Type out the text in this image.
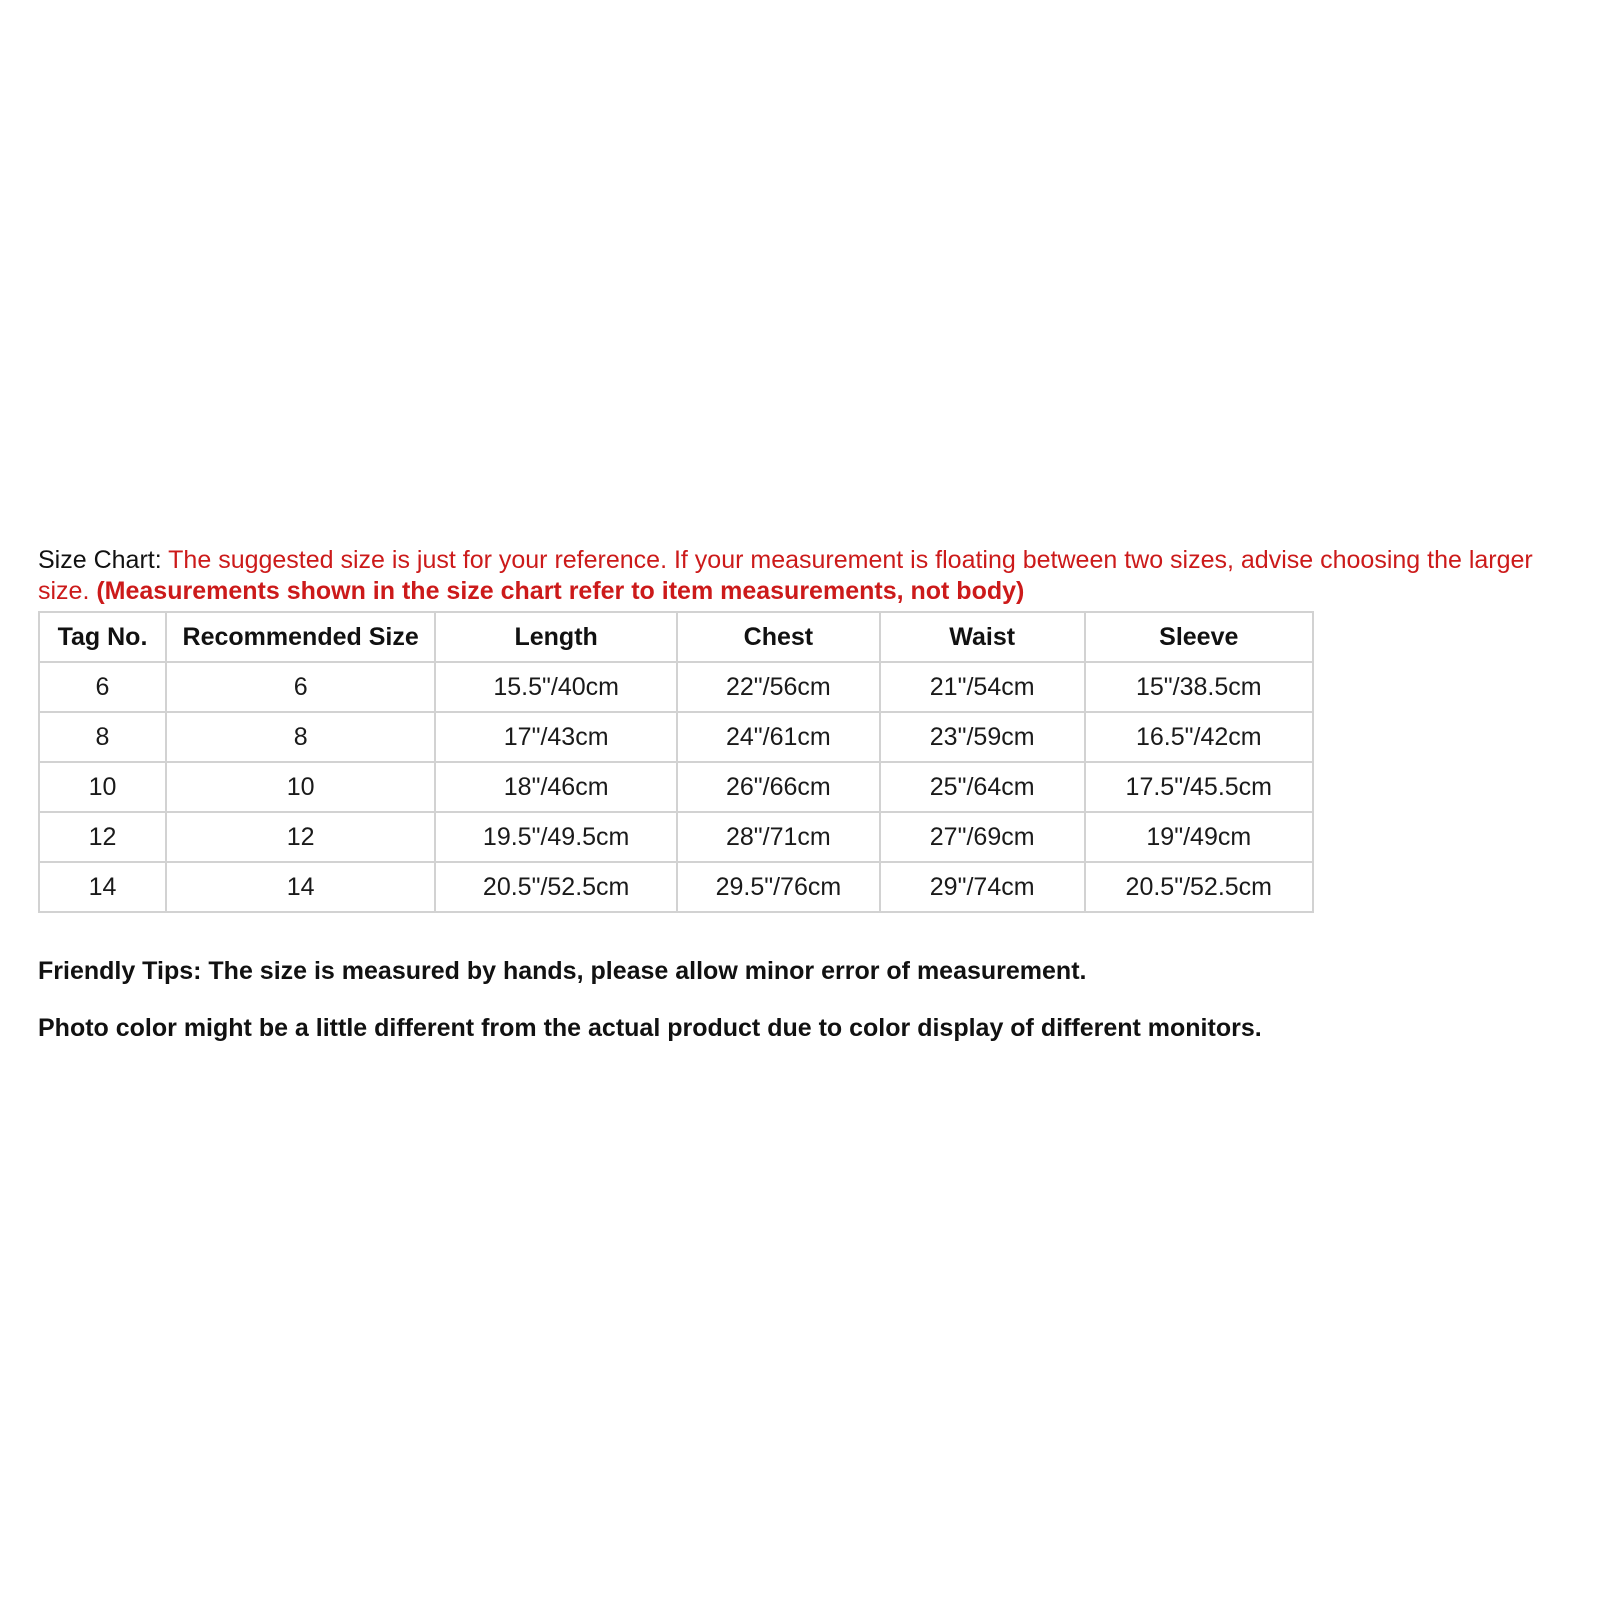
Size Chart: The suggested size is just for your reference. If your measurement is floating between two sizes, advise choosing the larger size. (Measurements shown in the size chart refer to item measurements, not body)

Tag No.	Recommended Size	Length	Chest	Waist	Sleeve
6	6	15.5"/40cm	22"/56cm	21"/54cm	15"/38.5cm
8	8	17"/43cm	24"/61cm	23"/59cm	16.5"/42cm
10	10	18"/46cm	26"/66cm	25"/64cm	17.5"/45.5cm
12	12	19.5"/49.5cm	28"/71cm	27"/69cm	19"/49cm
14	14	20.5"/52.5cm	29.5"/76cm	29"/74cm	20.5"/52.5cm

Friendly Tips: The size is measured by hands, please allow minor error of measurement.

Photo color might be a little different from the actual product due to color display of different monitors.
